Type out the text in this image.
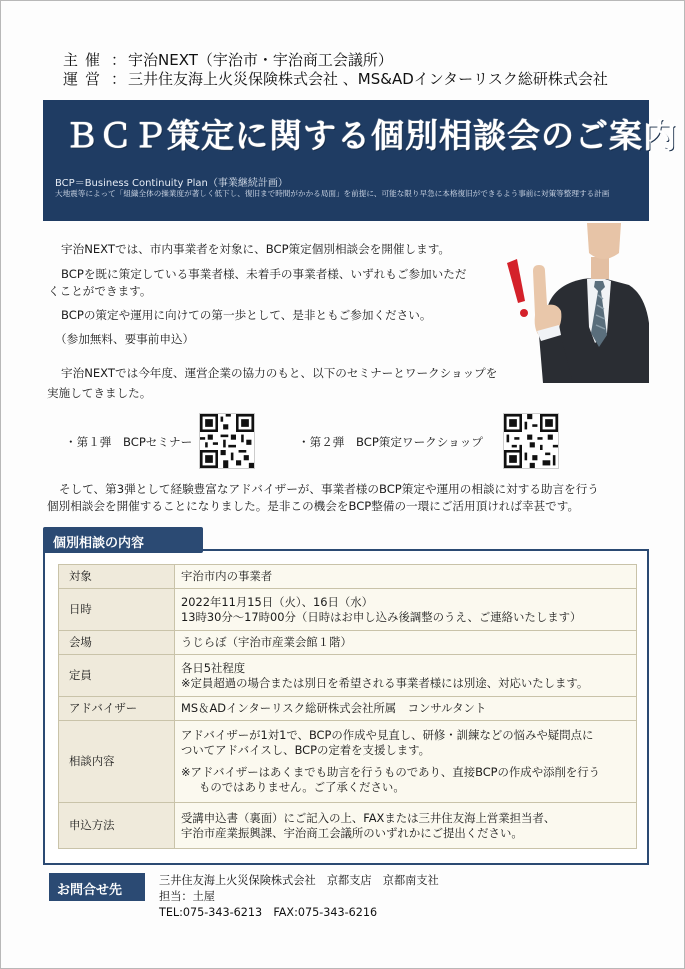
主催 ： 宇治NEXT（宇治市・宇治商工会議所）
運営 ： 三井住友海上火災保険株式会社 、MS&ADインターリスク総研株式会社
ＢＣＰ策定に関する個別相談会のご案内
BCP＝Business Continuity Plan（事業継続計画）
大地震等によって「組織全体の操業度が著しく低下し、復旧まで時間がかかる局面」を前提に、可能な限り早急に本格復旧ができるよう事前に対策等整理する計画
宇治NEXTでは、市内事業者を対象に、BCP策定個別相談会を開催します。
BCPを既に策定している事業者様、未着手の事業者様、いずれもご参加いただ
くことができます。
BCPの策定や運用に向けての第一歩として、是非ともご参加ください。
（参加無料、要事前申込）
宇治NEXTでは今年度、運営企業の協力のもと、以下のセミナーとワークショップを
実施してきました。
・第１弾　BCPセミナー	・第２弾　BCP策定ワークショップ
そして、第3弾として経験豊富なアドバイザーが、事業者様のBCP策定や運用の相談に対する助言を行う
個別相談会を開催することになりました。是非この機会をBCP整備の一環にご活用頂ければ幸甚です。
個別相談の内容
対象	宇治市内の事業者
日時	2022年11月15日（火）、16日（水）
13時30分～17時00分（日時はお申し込み後調整のうえ、ご連絡いたします）

会場	うじらぼ（宇治市産業会館１階）
定員	各日5社程度
※定員超過の場合または別日を希望される事業者様には別途、対応いたします。

アドバイザー	MS＆ADインターリスク総研株式会社所属　コンサルタント
相談内容	アドバイザーが1対1で、BCPの作成や見直し、研修・訓練などの悩みや疑問点に
ついてアドバイスし、BCPの定着を支援します。
※アドバイザーはあくまでも助言を行うものであり、直接BCPの作成や添削を行う
ものではありません。ご了承ください。

申込方法	受講申込書（裏面）にご記入の上、FAXまたは三井住友海上営業担当者、
宇治市産業振興課、宇治商工会議所のいずれかにご提出ください。
お問合せ先
三井住友海上火災保険株式会社　京都支店　京都南支社
担当：土屋
TEL:075-343-6213　FAX:075-343-6216
